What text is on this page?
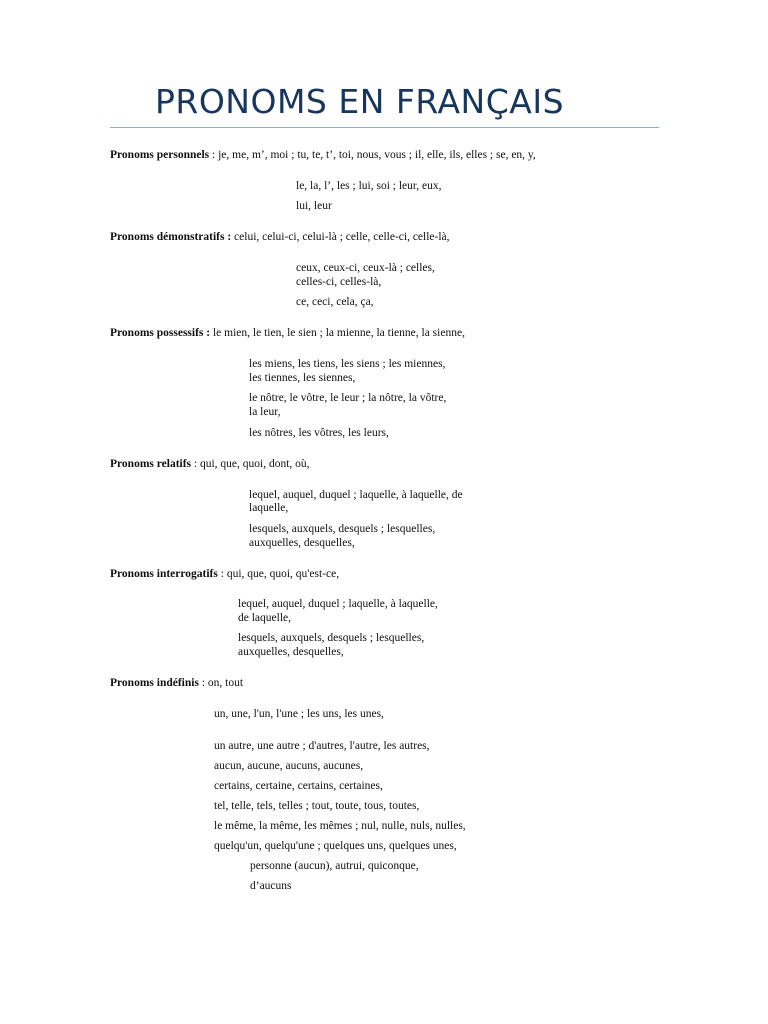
PRONOMS EN FRANÇAIS
Pronoms personnels : je, me, m’, moi ; tu, te, t’, toi, nous, vous ; il, elle, ils, elles ; se, en, y,
le, la, l’, les ; lui, soi ; leur, eux,
lui, leur
Pronoms démonstratifs : celui, celui-ci, celui-là ; celle, celle-ci, celle-là,
ceux, ceux-ci, ceux-là ; celles,
celles-ci, celles-là,
ce, ceci, cela, ça,
Pronoms possessifs : le mien, le tien, le sien ; la mienne, la tienne, la sienne,
les miens, les tiens, les siens ; les miennes,
les tiennes, les siennes,
le nôtre, le vôtre, le leur ; la nôtre, la vôtre,
la leur,
les nôtres, les vôtres, les leurs,
Pronoms relatifs : qui, que, quoi, dont, où,
lequel, auquel, duquel ; laquelle, à laquelle, de
laquelle,
lesquels, auxquels, desquels ; lesquelles,
auxquelles, desquelles,
Pronoms interrogatifs : qui, que, quoi, qu'est-ce,
lequel, auquel, duquel ; laquelle, à laquelle,
de laquelle,
lesquels, auxquels, desquels ; lesquelles,
auxquelles, desquelles,
Pronoms indéfinis : on, tout
un, une, l'un, l'une ; les uns, les unes,
un autre, une autre ; d'autres, l'autre, les autres,
aucun, aucune, aucuns, aucunes,
certains, certaine, certains, certaines,
tel, telle, tels, telles ; tout, toute, tous, toutes,
le même, la même, les mêmes ; nul, nulle, nuls, nulles,
quelqu'un, quelqu'une ; quelques uns, quelques unes,
personne (aucun), autrui, quiconque,
d’aucuns
